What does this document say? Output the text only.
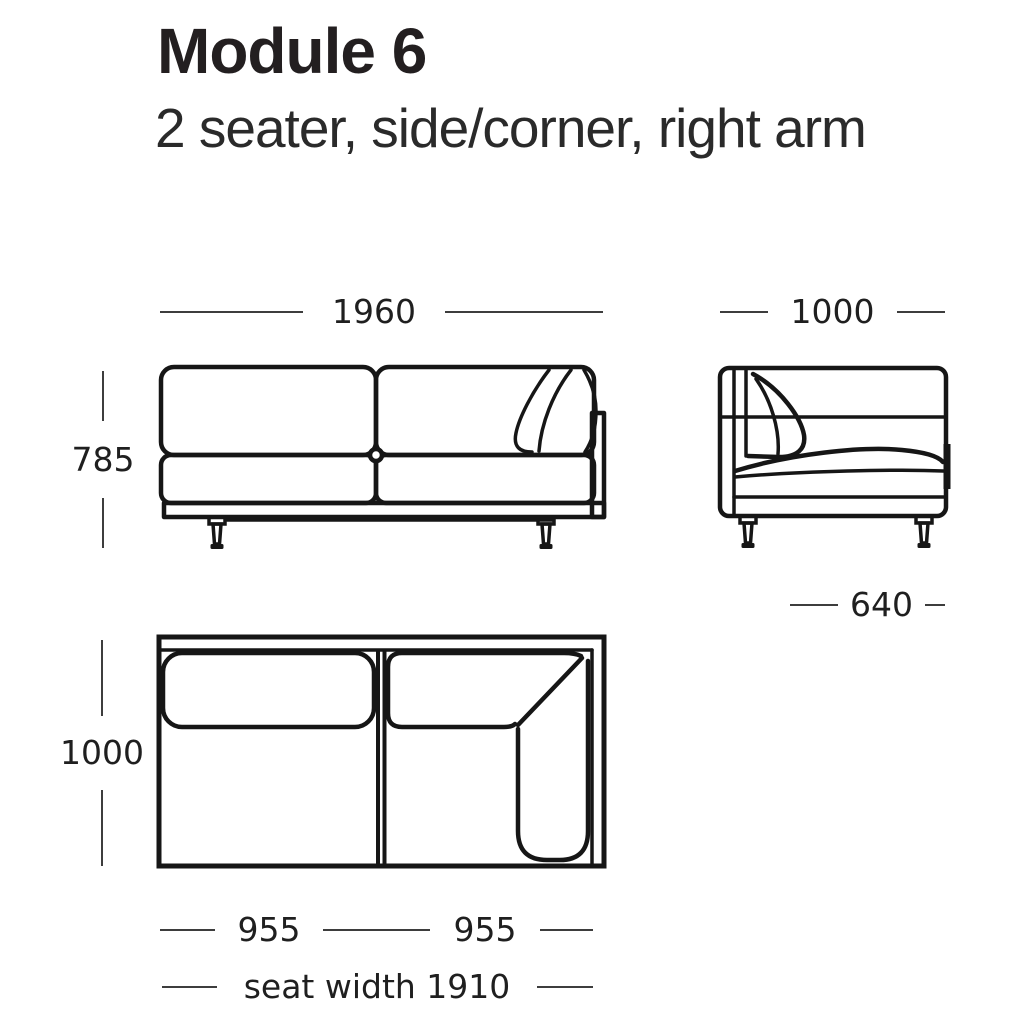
Module 6
2 seater, side/corner, right arm
1960
785
1000
640
1000
955	955
seat width 1910
